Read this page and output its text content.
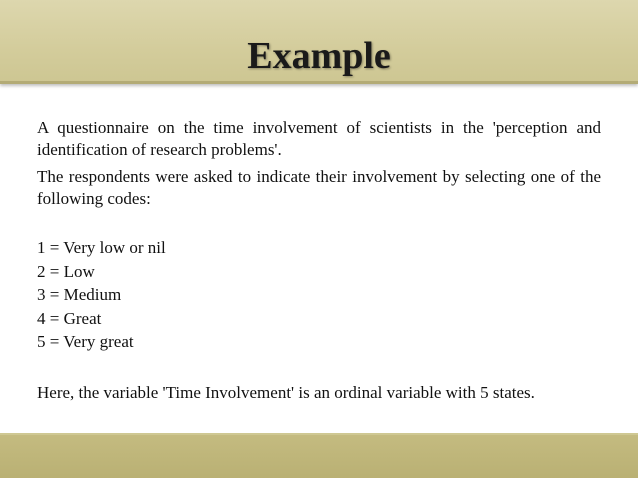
Example

A questionnaire on the time involvement of scientists in the 'perception and identification of research problems'.

The respondents were asked to indicate their involvement by selecting one of the following codes:

1 = Very low or nil
2 = Low
3 = Medium
4 = Great
5 = Very great

Here, the variable 'Time Involvement' is an ordinal variable with 5 states.
